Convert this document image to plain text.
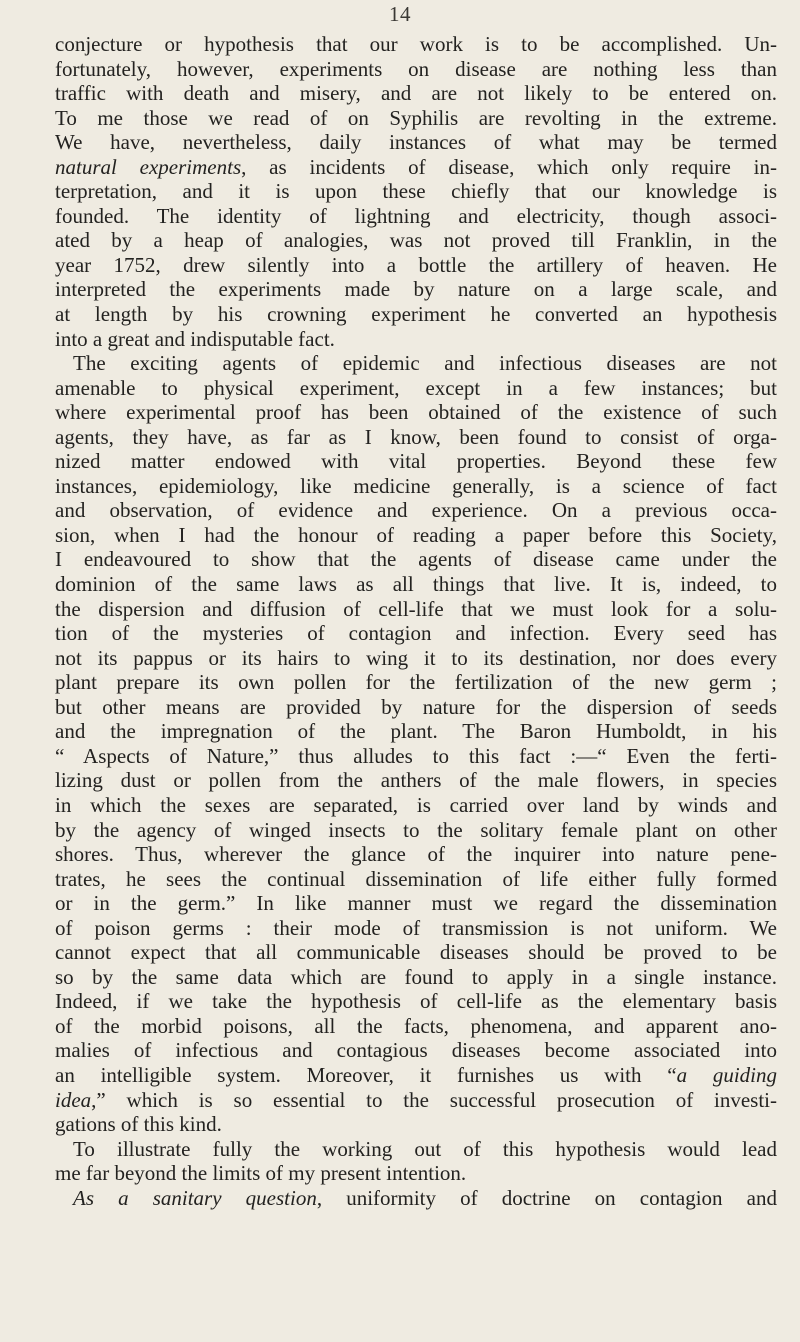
14
conjecture or hypothesis that our work is to be accomplished. Un-
fortunately, however, experiments on disease are nothing less than
traffic with death and misery, and are not likely to be entered on.
To me those we read of on Syphilis are revolting in the extreme.
We have, nevertheless, daily instances of what may be termed
natural experiments, as incidents of disease, which only require in-
terpretation, and it is upon these chiefly that our knowledge is
founded. The identity of lightning and electricity, though associ-
ated by a heap of analogies, was not proved till Franklin, in the
year 1752, drew silently into a bottle the artillery of heaven. He
interpreted the experiments made by nature on a large scale, and
at length by his crowning experiment he converted an hypothesis
into a great and indisputable fact.
The exciting agents of epidemic and infectious diseases are not
amenable to physical experiment, except in a few instances; but
where experimental proof has been obtained of the existence of such
agents, they have, as far as I know, been found to consist of orga-
nized matter endowed with vital properties. Beyond these few
instances, epidemiology, like medicine generally, is a science of fact
and observation, of evidence and experience. On a previous occa-
sion, when I had the honour of reading a paper before this Society,
I endeavoured to show that the agents of disease came under the
dominion of the same laws as all things that live. It is, indeed, to
the dispersion and diffusion of cell-life that we must look for a solu-
tion of the mysteries of contagion and infection. Every seed has
not its pappus or its hairs to wing it to its destination, nor does every
plant prepare its own pollen for the fertilization of the new germ ;
but other means are provided by nature for the dispersion of seeds
and the impregnation of the plant. The Baron Humboldt, in his
“ Aspects of Nature,” thus alludes to this fact :—“ Even the ferti-
lizing dust or pollen from the anthers of the male flowers, in species
in which the sexes are separated, is carried over land by winds and
by the agency of winged insects to the solitary female plant on other
shores. Thus, wherever the glance of the inquirer into nature pene-
trates, he sees the continual dissemination of life either fully formed
or in the germ.” In like manner must we regard the dissemination
of poison germs : their mode of transmission is not uniform. We
cannot expect that all communicable diseases should be proved to be
so by the same data which are found to apply in a single instance.
Indeed, if we take the hypothesis of cell-life as the elementary basis
of the morbid poisons, all the facts, phenomena, and apparent ano-
malies of infectious and contagious diseases become associated into
an intelligible system. Moreover, it furnishes us with “a guiding
idea,” which is so essential to the successful prosecution of investi-
gations of this kind.
To illustrate fully the working out of this hypothesis would lead
me far beyond the limits of my present intention.
As a sanitary question, uniformity of doctrine on contagion and
